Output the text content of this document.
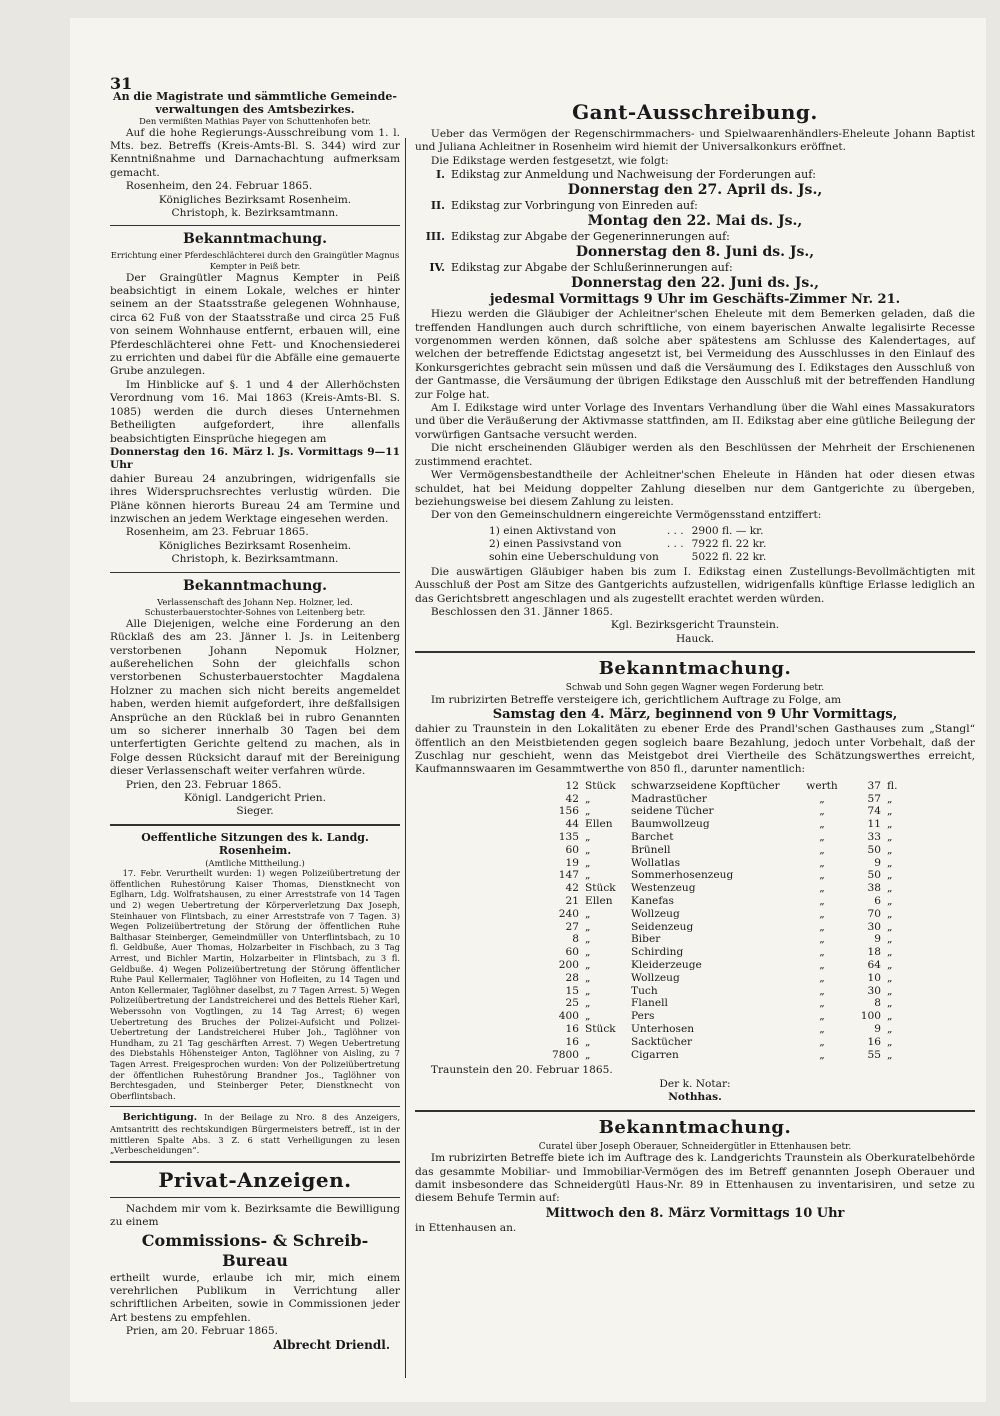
31

An die Magistrate und sämmtliche Gemeinde-verwaltungen des Amtsbezirkes.

Den vermißten Mathias Payer von Schuttenhofen betr.

Auf die hohe Regierungs-Ausschreibung vom 1. l. Mts. bez. Betreffs (Kreis-Amts-Bl. S. 344) wird zur Kenntnißnahme und Darnachachtung aufmerksam gemacht.

Rosenheim, den 24. Februar 1865.

Königliches Bezirksamt Rosenheim.

Christoph, k. Bezirksamtmann.

Bekanntmachung.

Errichtung einer Pferdeschlächterei durch den Graingütler Magnus Kempter in Peiß betr.

Der Graingütler Magnus Kempter in Peiß beabsichtigt in einem Lokale, welches er hinter seinem an der Staatsstraße gelegenen Wohnhause, circa 62 Fuß von der Staatsstraße und circa 25 Fuß von seinem Wohnhause entfernt, erbauen will, eine Pferdeschlächterei ohne Fett- und Knochensiederei zu errichten und dabei für die Abfälle eine gemauerte Grube anzulegen.

Im Hinblicke auf §. 1 und 4 der Allerhöchsten Verordnung vom 16. Mai 1863 (Kreis-Amts-Bl. S. 1085) werden die durch dieses Unternehmen Betheiligten aufgefordert, ihre allenfalls beabsichtigten Einsprüche hiegegen am

Donnerstag den 16. März l. Js. Vormittags 9—11 Uhr

dahier Bureau 24 anzubringen, widrigenfalls sie ihres Widerspruchsrechtes verlustig würden. Die Pläne können hierorts Bureau 24 am Termine und inzwischen an jedem Werktage eingesehen werden.

Rosenheim, am 23. Februar 1865.

Königliches Bezirksamt Rosenheim.

Christoph, k. Bezirksamtmann.

Bekanntmachung.

Verlassenschaft des Johann Nep. Holzner, led. Schusterbauerstochter-Sohnes von Leitenberg betr.

Alle Diejenigen, welche eine Forderung an den Rücklaß des am 23. Jänner l. Js. in Leitenberg verstorbenen Johann Nepomuk Holzner, außerehelichen Sohn der gleichfalls schon verstorbenen Schusterbauerstochter Magdalena Holzner zu machen sich nicht bereits angemeldet haben, werden hiemit aufgefordert, ihre deßfallsigen Ansprüche an den Rücklaß bei in rubro Genannten um so sicherer innerhalb 30 Tagen bei dem unterfertigten Gerichte geltend zu machen, als in Folge dessen Rücksicht darauf mit der Bereinigung dieser Verlassenschaft weiter verfahren würde.

Prien, den 23. Februar 1865.

Königl. Landgericht Prien.

Sieger.

Oeffentliche Sitzungen des k. Landg. Rosenheim.

(Amtliche Mittheilung.)

17. Febr. Verurtheilt wurden: 1) wegen Polizeiübertretung der öffentlichen Ruhestörung Kaiser Thomas, Dienstknecht von Eglharn, Ldg. Wolfratshausen, zu einer Arreststrafe von 14 Tagen und 2) wegen Uebertretung der Körperverletzung Dax Joseph, Steinhauer von Flintsbach, zu einer Arreststrafe von 7 Tagen. 3) Wegen Polizeiübertretung der Störung der öffentlichen Ruhe Balthasar Steinberger, Gemeindmüller von Unterflintsbach, zu 10 fl. Geldbuße, Auer Thomas, Holzarbeiter in Fischbach, zu 3 Tag Arrest, und Bichler Martin, Holzarbeiter in Flintsbach, zu 3 fl. Geldbuße. 4) Wegen Polizeiübertretung der Störung öffentlicher Ruhe Paul Kellermaier, Taglöhner von Hofleiten, zu 14 Tagen und Anton Kellermaier, Taglöhner daselbst, zu 7 Tagen Arrest. 5) Wegen Polizeiübertretung der Landstreicherei und des Bettels Rieher Karl, Weberssohn von Vogtlingen, zu 14 Tag Arrest; 6) wegen Uebertretung des Bruches der Polizei-Aufsicht und Polizei-Uebertretung der Landstreicherei Huber Joh., Taglöhner von Hundham, zu 21 Tag geschärften Arrest. 7) Wegen Uebertretung des Diebstahls Höhensteiger Anton, Taglöhner von Aisling, zu 7 Tagen Arrest. Freigesprochen wurden: Von der Polizeiübertretung der öffentlichen Ruhestörung Brandner Jos., Taglöhner von Berchtesgaden, und Steinberger Peter, Dienstknecht von Oberflintsbach.

Berichtigung. In der Beilage zu Nro. 8 des Anzeigers, Amtsantritt des rechtskundigen Bürgermeisters betreff., ist in der mittleren Spalte Abs. 3 Z. 6 statt Verheiligungen zu lesen „Verbescheidungen“.

Privat-Anzeigen.

Nachdem mir vom k. Bezirksamte die Bewilligung zu einem

Commissions- & Schreib-Bureau

ertheilt wurde, erlaube ich mir, mich einem verehrlichen Publikum in Verrichtung aller schriftlichen Arbeiten, sowie in Commissionen jeder Art bestens zu empfehlen.

Prien, am 20. Februar 1865.

Albrecht Driendl.

Gant-Ausschreibung.

Ueber das Vermögen der Regenschirmmachers- und Spielwaarenhändlers-Eheleute Johann Baptist und Juliana Achleitner in Rosenheim wird hiemit der Universalkonkurs eröffnet.

Die Edikstage werden festgesetzt, wie folgt:

I. Edikstag zur Anmeldung und Nachweisung der Forderungen auf:

Donnerstag den 27. April ds. Js.,

II. Edikstag zur Vorbringung von Einreden auf:

Montag den 22. Mai ds. Js.,

III. Edikstag zur Abgabe der Gegenerinnerungen auf:

Donnerstag den 8. Juni ds. Js.,

IV. Edikstag zur Abgabe der Schlußerinnerungen auf:

Donnerstag den 22. Juni ds. Js.,

jedesmal Vormittags 9 Uhr im Geschäfts-Zimmer Nr. 21.

Hiezu werden die Gläubiger der Achleitner'schen Eheleute mit dem Bemerken geladen, daß die treffenden Handlungen auch durch schriftliche, von einem bayerischen Anwalte legalisirte Recesse vorgenommen werden können, daß solche aber spätestens am Schlusse des Kalendertages, auf welchen der betreffende Edictstag angesetzt ist, bei Vermeidung des Ausschlusses in den Einlauf des Konkursgerichtes gebracht sein müssen und daß die Versäumung des I. Edikstages den Ausschluß von der Gantmasse, die Versäumung der übrigen Edikstage den Ausschluß mit der betreffenden Handlung zur Folge hat.

Am I. Edikstage wird unter Vorlage des Inventars Verhandlung über die Wahl eines Massakurators und über die Veräußerung der Aktivmasse stattfinden, am II. Edikstag aber eine gütliche Beilegung der vorwürfigen Gantsache versucht werden.

Die nicht erscheinenden Gläubiger werden als den Beschlüssen der Mehrheit der Erschienenen zustimmend erachtet.

Wer Vermögensbestandtheile der Achleitner'schen Eheleute in Händen hat oder diesen etwas schuldet, hat bei Meidung doppelter Zahlung dieselben nur dem Gantgerichte zu übergeben, beziehungsweise bei diesem Zahlung zu leisten.

Der von den Gemeinschuldnern eingereichte Vermögensstand entziffert:

1) einen Aktivstand von	. . .	2900 fl. — kr.
2) einen Passivstand von	. . .	7922 fl. 22 kr.
sohin eine Ueberschuldung von		5022 fl. 22 kr.

Die auswärtigen Gläubiger haben bis zum I. Edikstag einen Zustellungs-Bevollmächtigten mit Ausschluß der Post am Sitze des Gantgerichts aufzustellen, widrigenfalls künftige Erlasse lediglich an das Gerichtsbrett angeschlagen und als zugestellt erachtet werden würden.

Beschlossen den 31. Jänner 1865.

Kgl. Bezirksgericht Traunstein.

Hauck.

Bekanntmachung.

Schwab und Sohn gegen Wagner wegen Forderung betr.

Im rubrizirten Betreffe versteigere ich, gerichtlichem Auftrage zu Folge, am

Samstag den 4. März, beginnend von 9 Uhr Vormittags,

dahier zu Traunstein in den Lokalitäten zu ebener Erde des Prandl'schen Gasthauses zum „Stangl“ öffentlich an den Meistbietenden gegen sogleich baare Bezahlung, jedoch unter Vorbehalt, daß der Zuschlag nur geschieht, wenn das Meistgebot drei Viertheile des Schätzungswerthes erreicht, Kaufmannswaaren im Gesammtwerthe von 850 fl., darunter namentlich:

12	Stück	schwarzseidene Kopftücher	werth	37	fl.
42	„	Madrastücher	„	57	„
156	„	seidene Tücher	„	74	„
44	Ellen	Baumwollzeug	„	11	„
135	„	Barchet	„	33	„
60	„	Brünell	„	50	„
19	„	Wollatlas	„	9	„
147	„	Sommerhosenzeug	„	50	„
42	Stück	Westenzeug	„	38	„
21	Ellen	Kanefas	„	6	„
240	„	Wollzeug	„	70	„
27	„	Seidenzeug	„	30	„
8	„	Biber	„	9	„
60	„	Schirding	„	18	„
200	„	Kleiderzeuge	„	64	„
28	„	Wollzeug	„	10	„
15	„	Tuch	„	30	„
25	„	Flanell	„	8	„
400	„	Pers	„	100	„
16	Stück	Unterhosen	„	9	„
16	„	Sacktücher	„	16	„
7800	„	Cigarren	„	55	„

Traunstein den 20. Februar 1865.

Der k. Notar:

Nothhas.

Bekanntmachung.

Curatel über Joseph Oberauer, Schneidergütler in Ettenhausen betr.

Im rubrizirten Betreffe biete ich im Auftrage des k. Landgerichts Traunstein als Oberkuratelbehörde das gesammte Mobiliar- und Immobiliar-Vermögen des im Betreff genannten Joseph Oberauer und damit insbesondere das Schneidergütl Haus-Nr. 89 in Ettenhausen zu inventarisiren, und setze zu diesem Behufe Termin auf:

Mittwoch den 8. März Vormittags 10 Uhr

in Ettenhausen an.
